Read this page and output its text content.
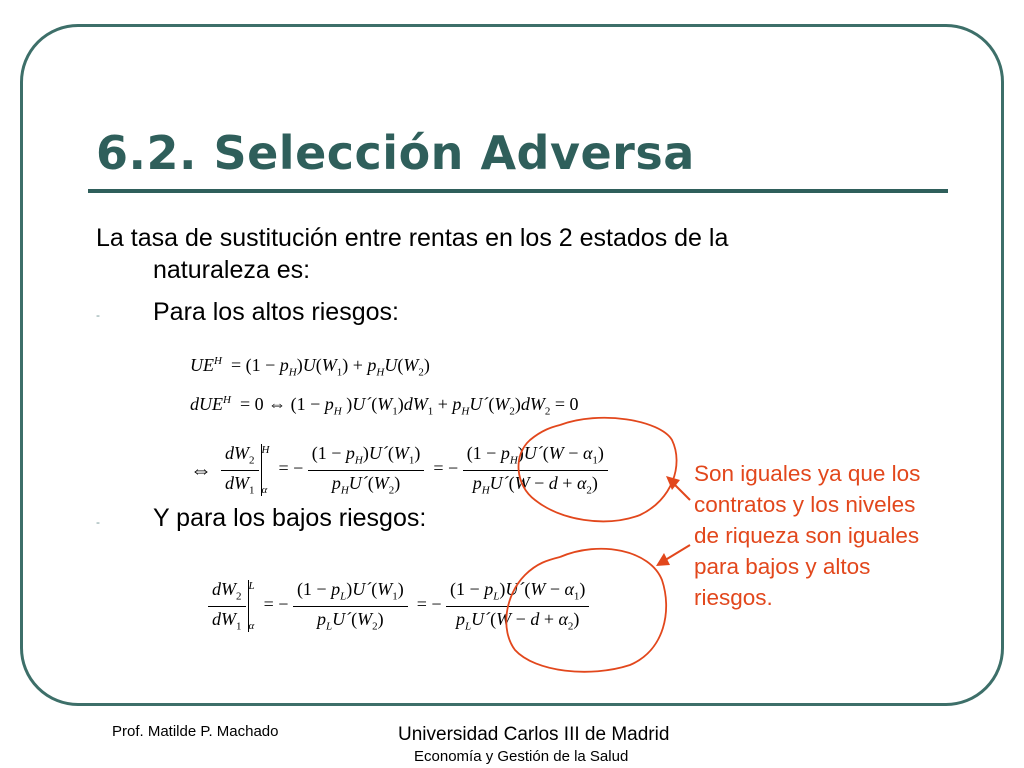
6.2. Selección Adversa
La tasa de sustitución entre rentas en los 2 estados de la
naturaleza es:
- Para los altos riesgos:
$UE^H = (1 - p_H)U(W_1) + p_HU(W_2)$
dUE$^H$ = 0 ⇔ ($1 - p_H$ )$U´(W_1)dW_1$ + $p_HU´(W_2)dW_2 = 0$
⇔ $\frac{dW_2}{dW_1}$ H
α
= − $\frac{(1 - p_H)U´(W_1)}{p_HU´(W_2)}$ = − $\frac{(1 - p_H)U´(W - \alpha_1)}{p_HU´(W - d + \alpha_2)}$
- Y para los bajos riesgos:
$\frac{dW_2}{dW_1}$ L
α
= − $\frac{(1 - p_L)U´(W_1)}{p_LU´(W_2)}$ = − $\frac{(1 - p_L)U´(W - \alpha_1)}{p_LU´(W - d + \alpha_2)}$
Son iguales ya que los contratos y los niveles de riqueza son iguales para bajos y altos riesgos.
Prof. Matilde P. Machado	Universidad Carlos III de Madrid
Economía y Gestión de la Salud
